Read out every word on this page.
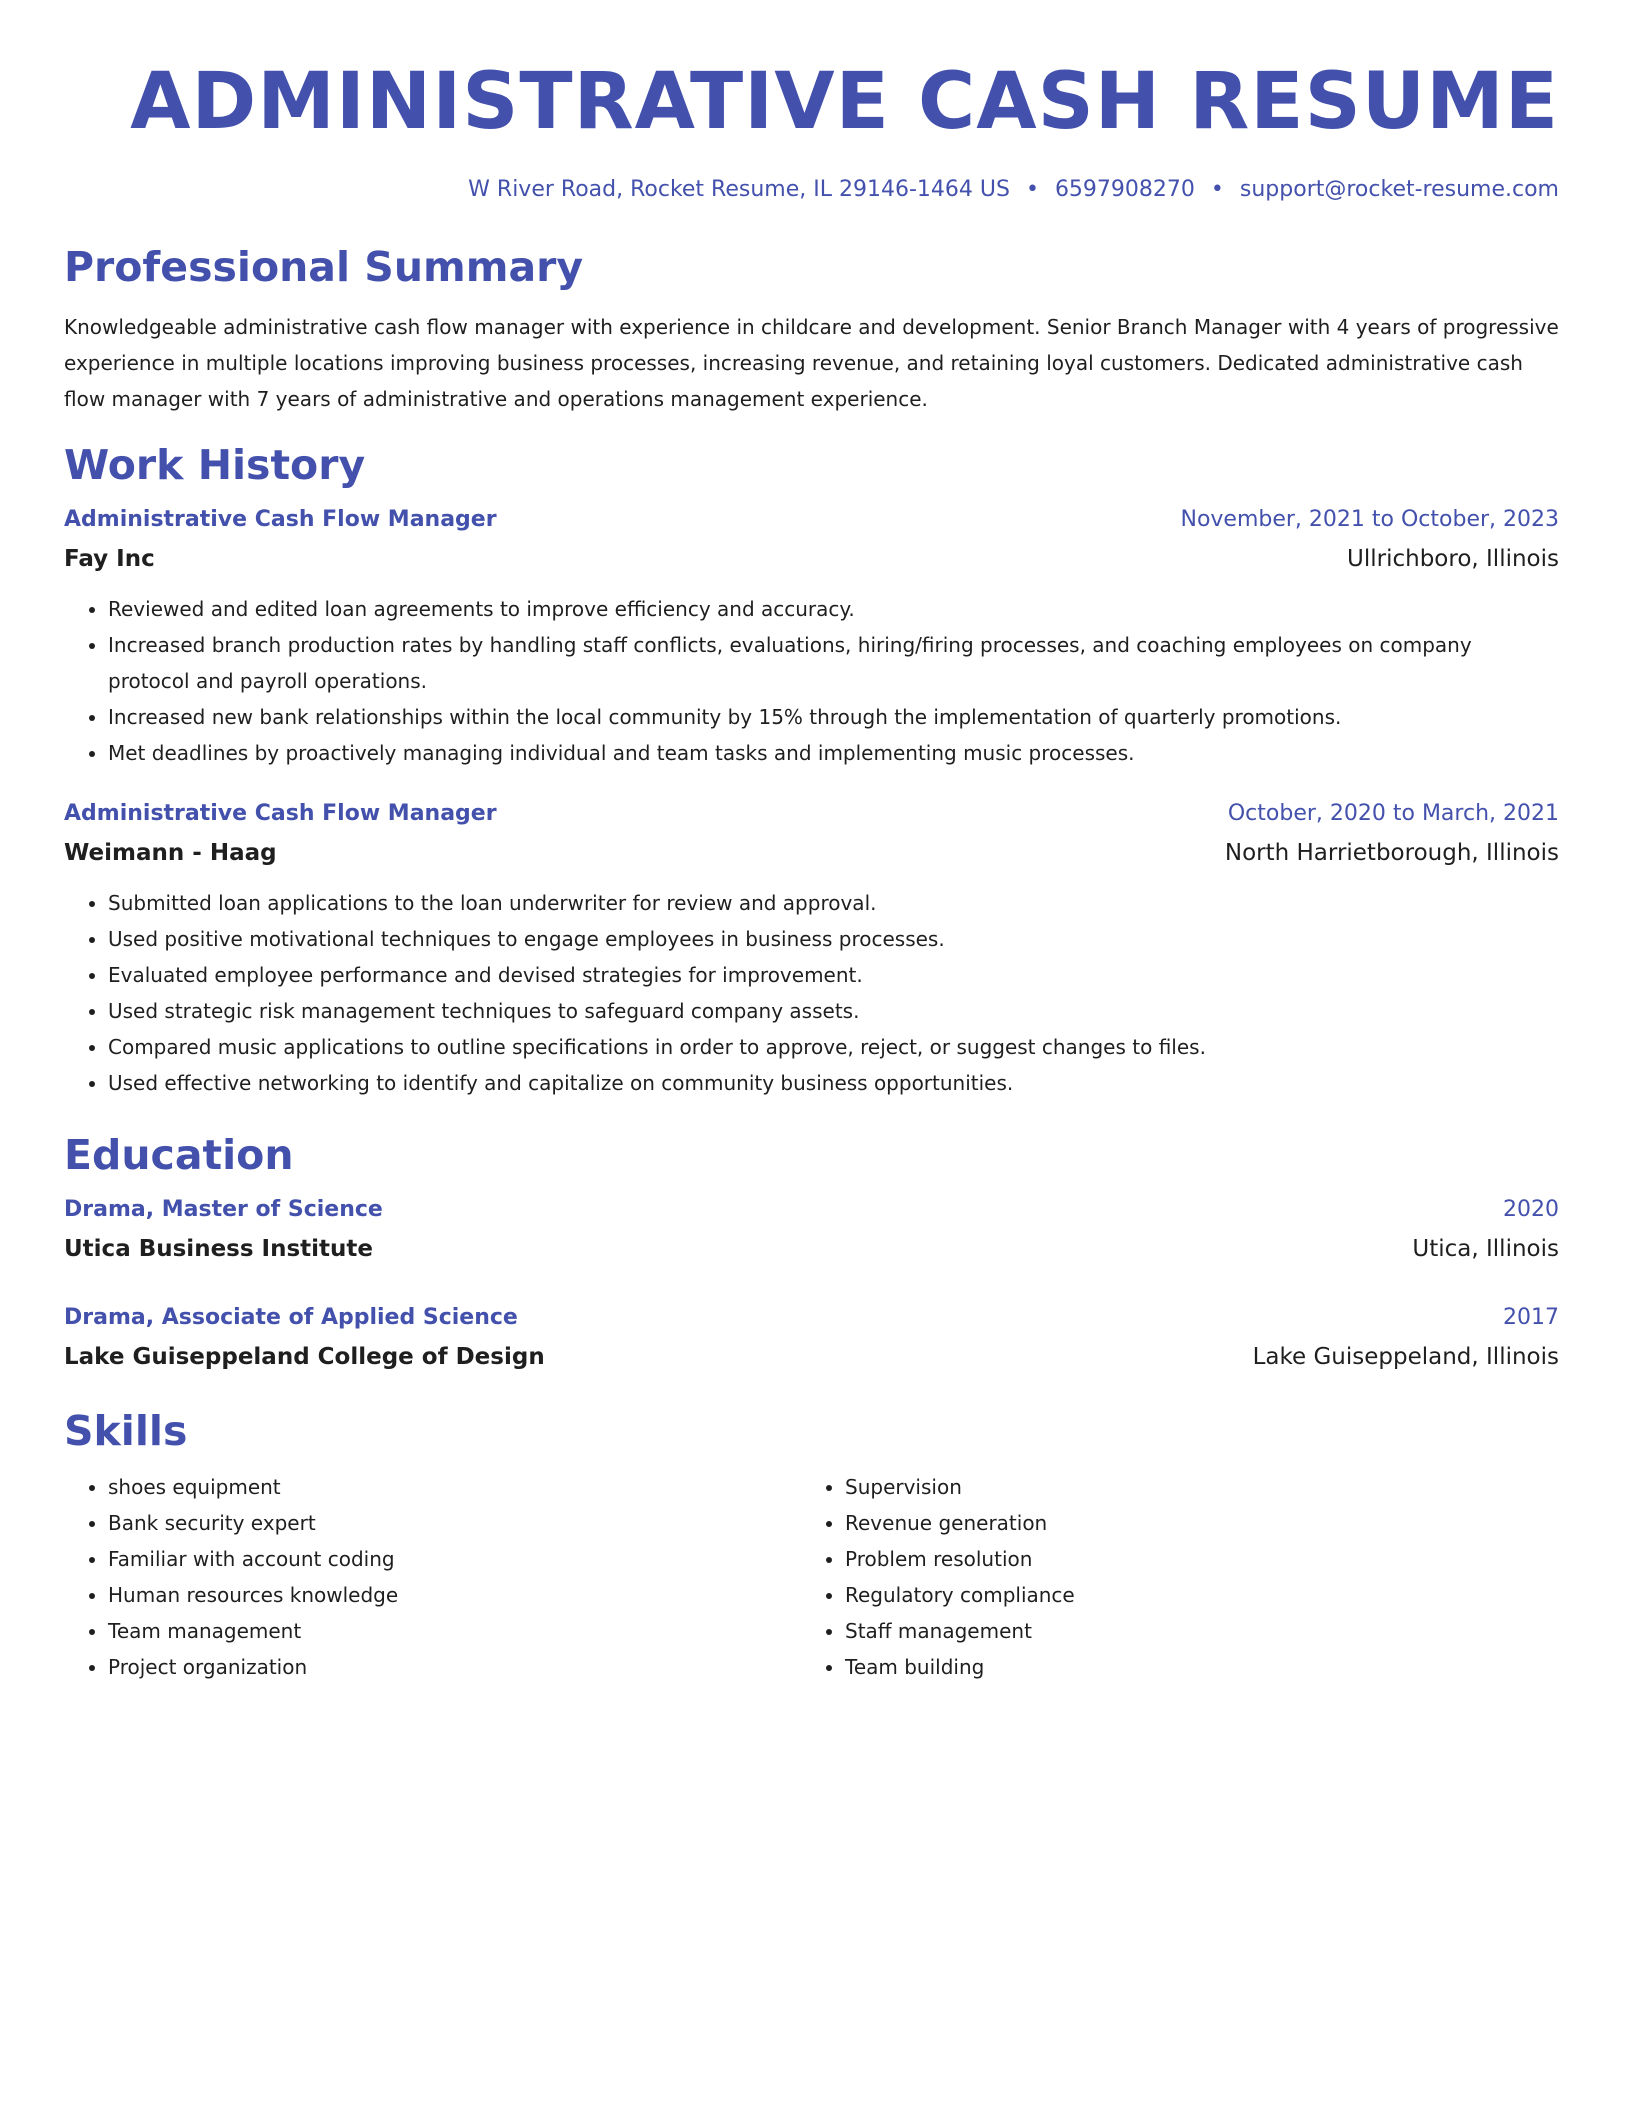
ADMINISTRATIVE CASH RESUME
W River Road, Rocket Resume, IL 29146-1464 US • 6597908270 • support@rocket-resume.com
Professional Summary
Knowledgeable administrative cash flow manager with experience in childcare and development. Senior Branch Manager with 4 years of progressive experience in multiple locations improving business processes, increasing revenue, and retaining loyal customers. Dedicated administrative cash flow manager with 7 years of administrative and operations management experience.
Work History
Administrative Cash Flow Manager	November, 2021 to October, 2023
Fay Inc	Ullrichboro, Illinois
• Reviewed and edited loan agreements to improve efficiency and accuracy.
• Increased branch production rates by handling staff conflicts, evaluations, hiring/firing processes, and coaching employees on company protocol and payroll operations.
• Increased new bank relationships within the local community by 15% through the implementation of quarterly promotions.
• Met deadlines by proactively managing individual and team tasks and implementing music processes.
Administrative Cash Flow Manager	October, 2020 to March, 2021
Weimann - Haag	North Harrietborough, Illinois
• Submitted loan applications to the loan underwriter for review and approval.
• Used positive motivational techniques to engage employees in business processes.
• Evaluated employee performance and devised strategies for improvement.
• Used strategic risk management techniques to safeguard company assets.
• Compared music applications to outline specifications in order to approve, reject, or suggest changes to files.
• Used effective networking to identify and capitalize on community business opportunities.
Education
Drama, Master of Science	2020
Utica Business Institute	Utica, Illinois
Drama, Associate of Applied Science	2017
Lake Guiseppeland College of Design	Lake Guiseppeland, Illinois
Skills
• shoes equipment
• Bank security expert
• Familiar with account coding
• Human resources knowledge
• Team management
• Project organization
• Supervision
• Revenue generation
• Problem resolution
• Regulatory compliance
• Staff management
• Team building
